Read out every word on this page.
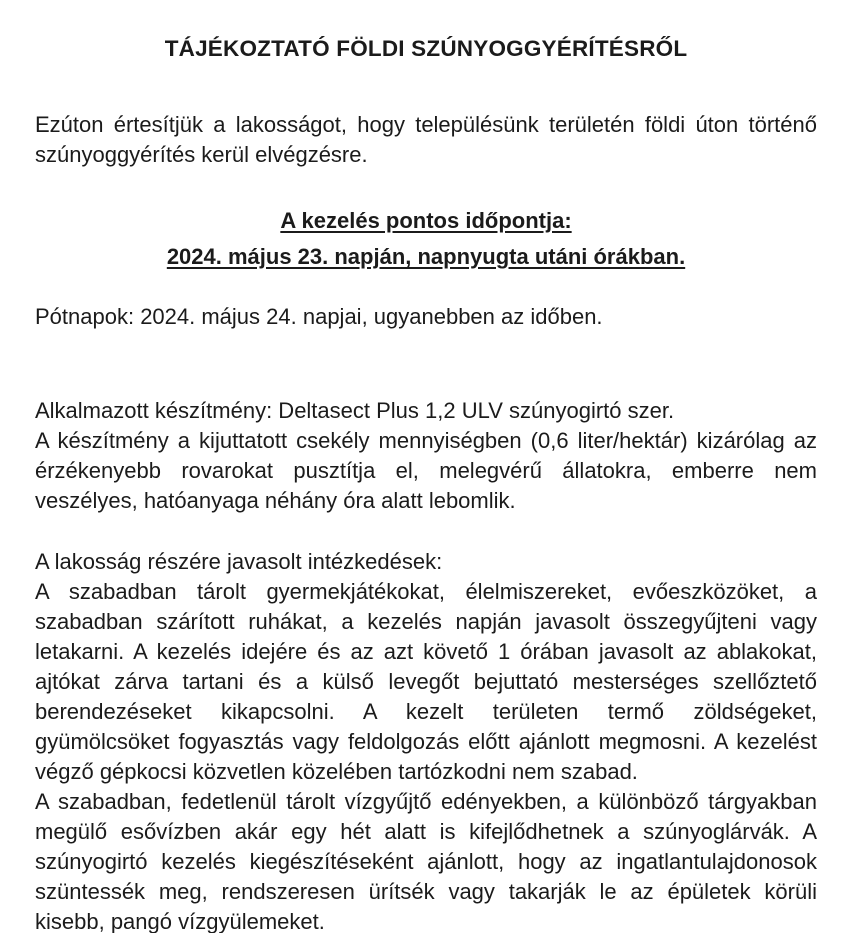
TÁJÉKOZTATÓ FÖLDI SZÚNYOGGYÉRÍTÉSRŐL

Ezúton értesítjük a lakosságot, hogy településünk területén földi úton történő szúnyoggyérítés kerül elvégzésre.

A kezelés pontos időpontja:
2024. május 23. napján, napnyugta utáni órákban.

Pótnapok: 2024. május 24. napjai, ugyanebben az időben.

Alkalmazott készítmény: Deltasect Plus 1,2 ULV szúnyogirtó szer.

A készítmény a kijuttatott csekély mennyiségben (0,6 liter/hektár) kizárólag az érzékenyebb rovarokat pusztítja el, melegvérű állatokra, emberre nem veszélyes, hatóanyaga néhány óra alatt lebomlik.

A lakosság részére javasolt intézkedések:

A szabadban tárolt gyermekjátékokat, élelmiszereket, evőeszközöket, a szabadban szárított ruhákat, a kezelés napján javasolt összegyűjteni vagy letakarni. A kezelés idejére és az azt követő 1 órában javasolt az ablakokat, ajtókat zárva tartani és a külső levegőt bejuttató mesterséges szellőztető berendezéseket kikapcsolni. A kezelt területen termő zöldségeket, gyümölcsöket fogyasztás vagy feldolgozás előtt ajánlott megmosni. A kezelést végző gépkocsi közvetlen közelében tartózkodni nem szabad.

A szabadban, fedetlenül tárolt vízgyűjtő edényekben, a különböző tárgyakban megülő esővízben akár egy hét alatt is kifejlődhetnek a szúnyoglárvák. A szúnyogirtó kezelés kiegészítéseként ajánlott, hogy az ingatlantulajdonosok szüntessék meg, rendszeresen ürítsék vagy takarják le az épületek körüli kisebb, pangó vízgyülemeket.
